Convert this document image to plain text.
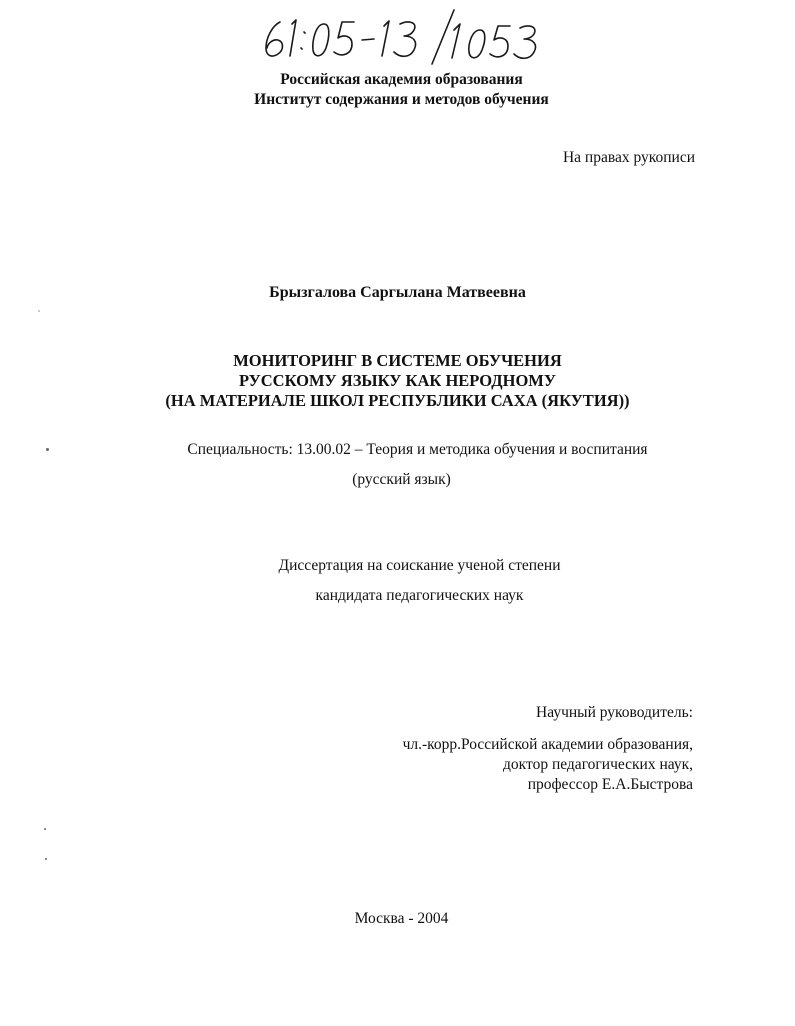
Российская академия образования
Институт содержания и методов обучения
На правах рукописи
Брызгалова Саргылана Матвеевна
МОНИТОРИНГ В СИСТЕМЕ ОБУЧЕНИЯ
РУССКОМУ ЯЗЫКУ КАК НЕРОДНОМУ
(НА МАТЕРИАЛЕ ШКОЛ РЕСПУБЛИКИ САХА (ЯКУТИЯ))
Специальность: 13.00.02 – Теория и методика обучения и воспитания
(русский язык)
Диссертация на соискание ученой степени
кандидата педагогических наук
Научный руководитель:
чл.-корр.Российской академии образования,
доктор педагогических наук,
профессор Е.А.Быстрова
Москва - 2004
